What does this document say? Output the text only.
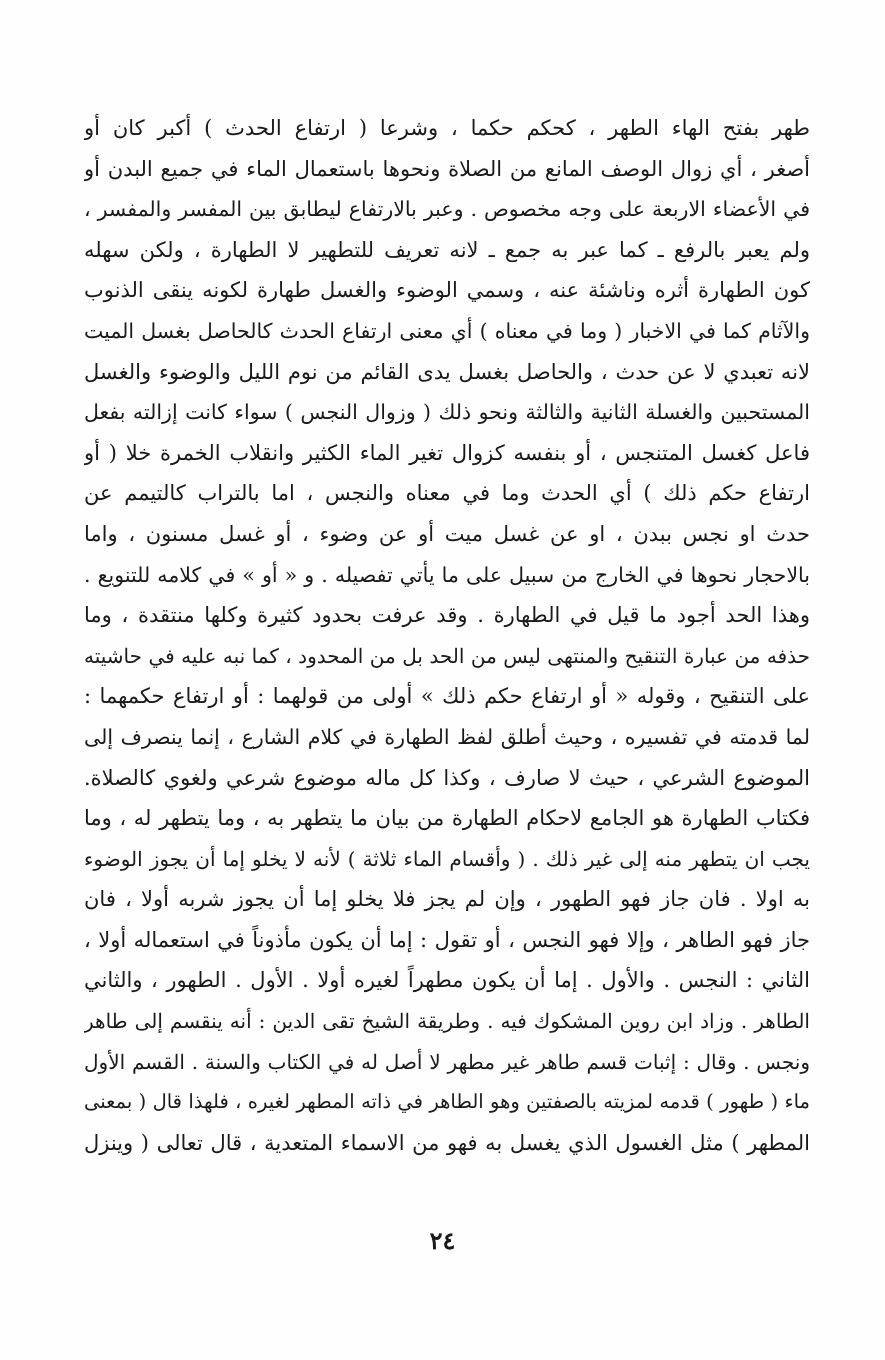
طهر بفتح الهاء الطهر ، كحكم حكما ، وشرعا ( ارتفاع الحدث ) أكبر كان أو
أصغر ، أي زوال الوصف المانع من الصلاة ونحوها باستعمال الماء في جميع البدن أو
في الأعضاء الاربعة على وجه مخصوص . وعبر بالارتفاع ليطابق بين المفسر والمفسر ،
ولم يعبر بالرفع ـ كما عبر به جمع ـ لانه تعريف للتطهير لا الطهارة ، ولكن سهله
كون الطهارة أثره وناشئة عنه ، وسمي الوضوء والغسل طهارة لكونه ينقى الذنوب
والآثام كما في الاخبار ( وما في معناه ) أي معنى ارتفاع الحدث كالحاصل بغسل الميت
لانه تعبدي لا عن حدث ، والحاصل بغسل يدى القائم من نوم الليل والوضوء والغسل
المستحبين والغسلة الثانية والثالثة ونحو ذلك ( وزوال النجس ) سواء كانت إزالته بفعل
فاعل كغسل المتنجس ، أو بنفسه كزوال تغير الماء الكثير وانقلاب الخمرة خلا ( أو
ارتفاع حكم ذلك ) أي الحدث وما في معناه والنجس ، اما بالتراب كالتيمم عن
حدث او نجس ببدن ، او عن غسل ميت أو عن وضوء ، أو غسل مسنون ، واما
بالاحجار نحوها في الخارج من سبيل على ما يأتي تفصيله . و « أو » في كلامه للتنويع .
وهذا الحد أجود ما قيل في الطهارة . وقد عرفت بحدود كثيرة وكلها منتقدة ، وما
حذفه من عبارة التنقيح والمنتهى ليس من الحد بل من المحدود ، كما نبه عليه في حاشيته
على التنقيح ، وقوله « أو ارتفاع حكم ذلك » أولى من قولهما : أو ارتفاع حكمهما :
لما قدمته في تفسيره ، وحيث أطلق لفظ الطهارة في كلام الشارع ، إنما ينصرف إلى
الموضوع الشرعي ، حيث لا صارف ، وكذا كل ماله موضوع شرعي ولغوي كالصلاة.
فكتاب الطهارة هو الجامع لاحكام الطهارة من بيان ما يتطهر به ، وما يتطهر له ، وما
يجب ان يتطهر منه إلى غير ذلك . ( وأقسام الماء ثلاثة ) لأنه لا يخلو إما أن يجوز الوضوء
به اولا . فان جاز فهو الطهور ، وإن لم يجز فلا يخلو إما أن يجوز شربه أولا ، فان
جاز فهو الطاهر ، وإلا فهو النجس ، أو تقول : إما أن يكون مأذوناً في استعماله أولا ،
الثاني : النجس . والأول . إما أن يكون مطهراً لغيره أولا . الأول . الطهور ، والثاني
الطاهر . وزاد ابن روين المشكوك فيه . وطريقة الشيخ تقى الدين : أنه ينقسم إلى طاهر
ونجس . وقال : إثبات قسم طاهر غير مطهر لا أصل له في الكتاب والسنة . القسم الأول
ماء ( طهور ) قدمه لمزيته بالصفتين وهو الطاهر في ذاته المطهر لغيره ، فلهذا قال ( بمعنى
المطهر ) مثل الغسول الذي يغسل به فهو من الاسماء المتعدية ، قال تعالى ( وينزل
٢٤
